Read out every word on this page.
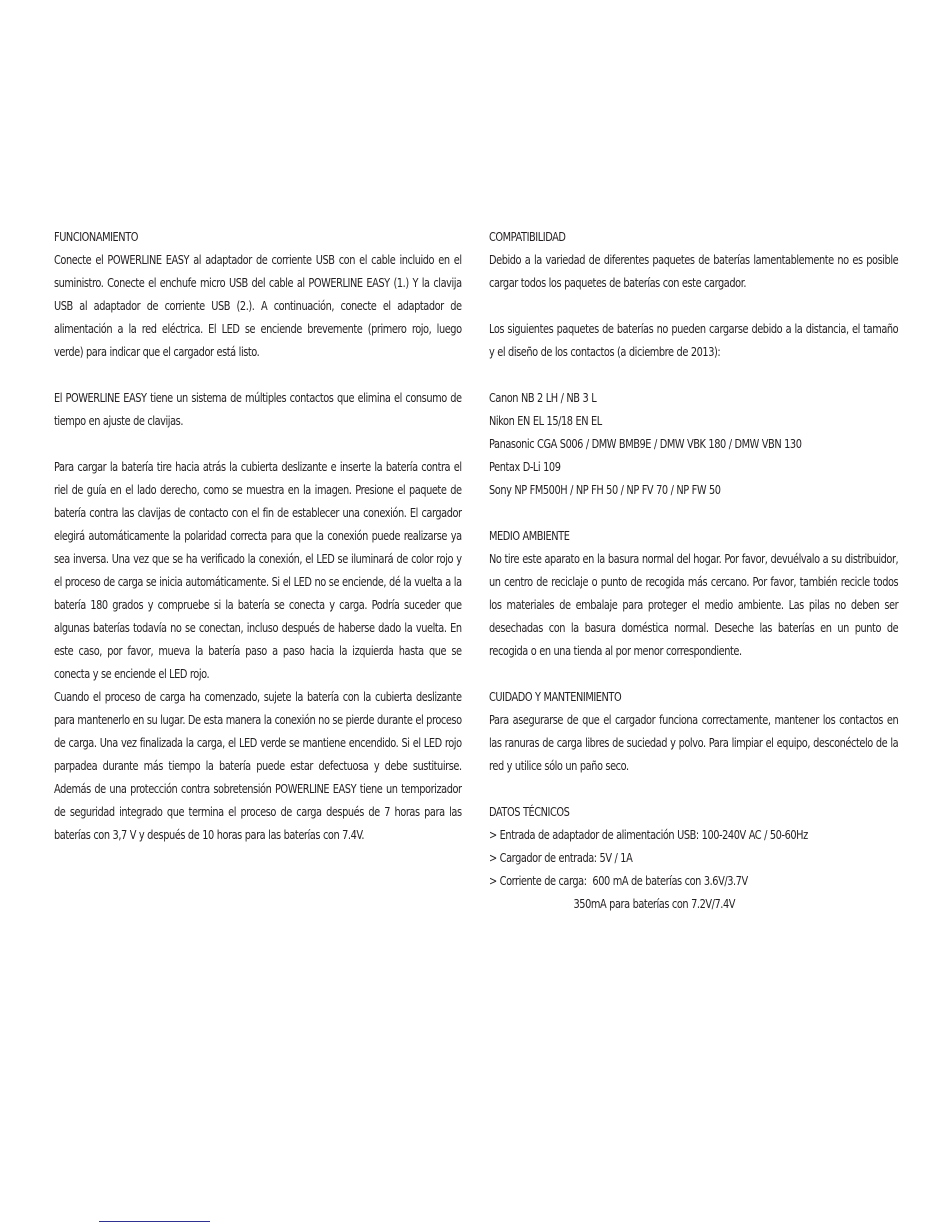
FUNCIONAMIENTO

Conecte el POWERLINE EASY al adaptador de corriente USB con el cable incluido en el suministro. Conecte el enchufe micro USB del cable al POWERLINE EASY (1.) Y la clavija USB al adaptador de corriente USB (2.). A continuación, conecte el adaptador de alimentación a la red eléctrica. El LED se enciende brevemente (primero rojo, luego verde) para indicar que el cargador está listo.

El POWERLINE EASY tiene un sistema de múltiples contactos que elimina el consumo de tiempo en ajuste de clavijas.

Para cargar la batería tire hacia atrás la cubierta deslizante e inserte la batería contra el riel de guía en el lado derecho, como se muestra en la imagen. Presione el paquete de batería contra las clavijas de contacto con el fin de establecer una conexión. El cargador elegirá automáticamente la polaridad correcta para que la conexión puede realizarse ya sea inversa. Una vez que se ha verificado la conexión, el LED se iluminará de color rojo y el proceso de carga se inicia automáticamente. Si el LED no se enciende, dé la vuelta a la batería 180 grados y compruebe si la batería se conecta y carga. Podría suceder que algunas baterías todavía no se conectan, incluso después de haberse dado la vuelta. En este caso, por favor, mueva la batería paso a paso hacia la izquierda hasta que se conecta y se enciende el LED rojo.

Cuando el proceso de carga ha comenzado, sujete la batería con la cubierta deslizante para mantenerlo en su lugar. De esta manera la conexión no se pierde durante el proceso de carga. Una vez finalizada la carga, el LED verde se mantiene encendido. Si el LED rojo parpadea durante más tiempo la batería puede estar defectuosa y debe sustituirse. Además de una protección contra sobretensión POWERLINE EASY tiene un temporizador de seguridad integrado que termina el proceso de carga después de 7 horas para las baterías con 3,7 V y después de 10 horas para las baterías con 7.4V.

COMPATIBILIDAD

Debido a la variedad de diferentes paquetes de baterías lamentablemente no es posible cargar todos los paquetes de baterías con este cargador.

Los siguientes paquetes de baterías no pueden cargarse debido a la distancia, el tamaño y el diseño de los contactos (a diciembre de 2013):

Canon NB 2 LH / NB 3 L
Nikon EN EL 15/18 EN EL
Panasonic CGA S006 / DMW BMB9E / DMW VBK 180 / DMW VBN 130
Pentax D-Li 109
Sony NP FM500H / NP FH 50 / NP FV 70 / NP FW 50
MEDIO AMBIENTE

No tire este aparato en la basura normal del hogar. Por favor, devuélvalo a su distribuidor, un centro de reciclaje o punto de recogida más cercano. Por favor, también recicle todos los materiales de embalaje para proteger el medio ambiente. Las pilas no deben ser desechadas con la basura doméstica normal. Deseche las baterías en un punto de recogida o en una tienda al por menor correspondiente.

CUIDADO Y MANTENIMIENTO

Para asegurarse de que el cargador funciona correctamente, mantener los contactos en las ranuras de carga libres de suciedad y polvo. Para limpiar el equipo, desconéctelo de la red y utilice sólo un paño seco.

DATOS TÉCNICOS
> Entrada de adaptador de alimentación USB: 100-240V AC / 50-60Hz
> Cargador de entrada: 5V / 1A
> Corriente de carga:  600 mA de baterías con 3.6V/3.7V
350mA para baterías con 7.2V/7.4V
